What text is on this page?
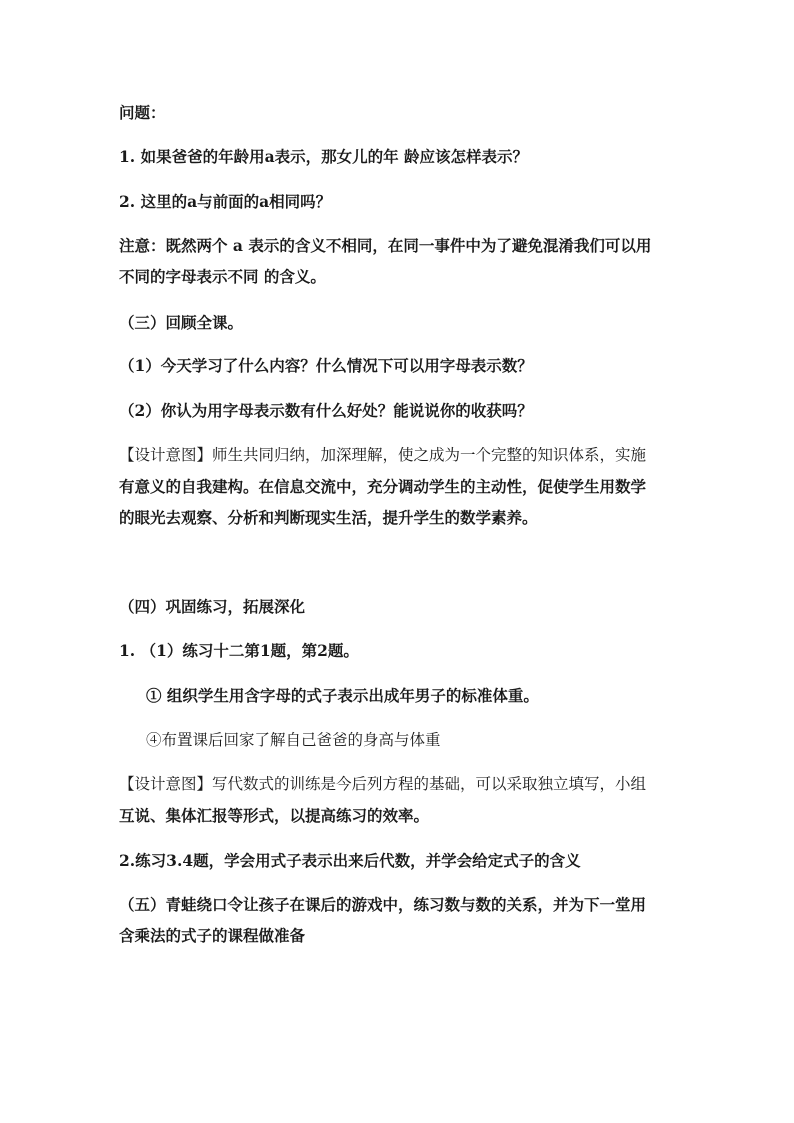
问题：
1. 如果爸爸的年龄用a表示，那女儿的年 龄应该怎样表示？
2. 这里的a与前面的a相同吗？
注意：既然两个 a 表示的含义不相同，在同一事件中为了避免混淆我们可以用
不同的字母表示不同 的含义。
（三）回顾全课。
（1）今天学习了什么内容？什么情况下可以用字母表示数？
（2）你认为用字母表示数有什么好处？能说说你的收获吗？
【设计意图】师生共同归纳，加深理解，使之成为一个完整的知识体系，实施
有意义的自我建构。在信息交流中，充分调动学生的主动性，促使学生用数学
的眼光去观察、分析和判断现实生活，提升学生的数学素养。
（四）巩固练习，拓展深化
1. （1）练习十二第1题，第2题。
① 组织学生用含字母的式子表示出成年男子的标准体重。
④布置课后回家了解自己爸爸的身高与体重
【设计意图】写代数式的训练是今后列方程的基础，可以采取独立填写，小组
互说、集体汇报等形式，以提高练习的效率。
2.练习3.4题，学会用式子表示出来后代数，并学会给定式子的含义
（五）青蛙绕口令让孩子在课后的游戏中，练习数与数的关系，并为下一堂用
含乘法的式子的课程做准备
